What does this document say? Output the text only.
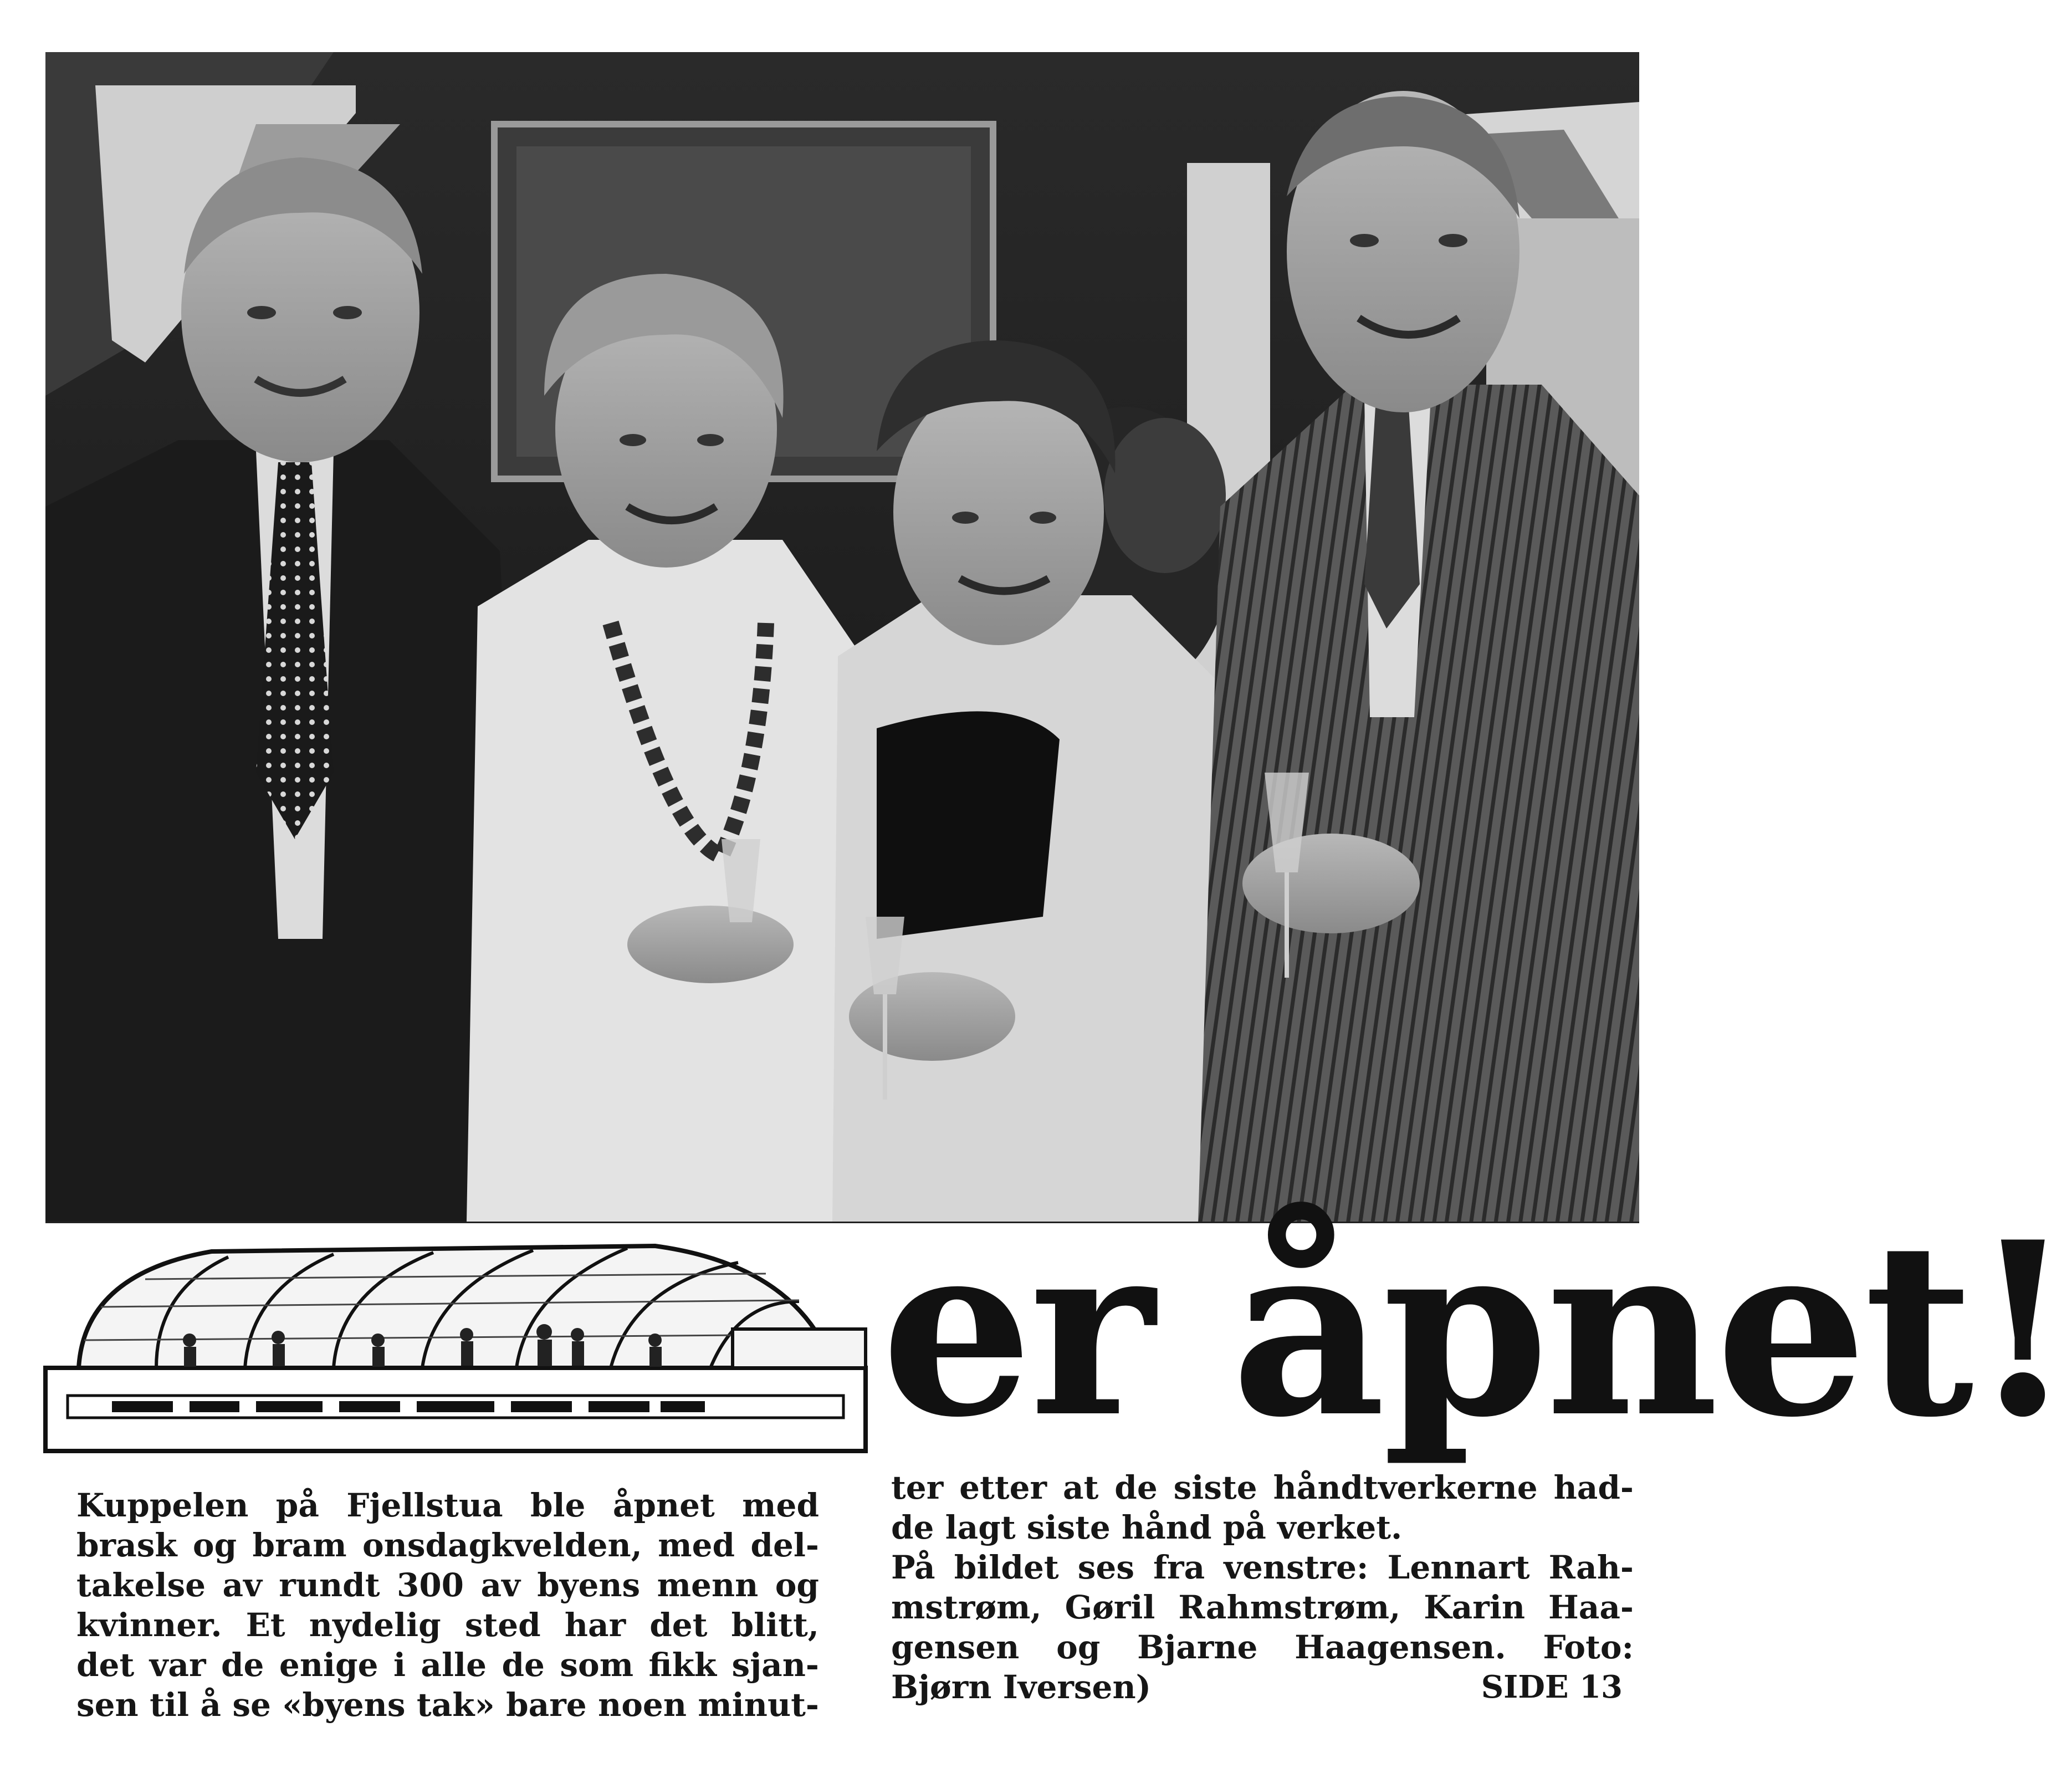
er åpnet!

Kuppelen på Fjellstua ble åpnet med
brask og bram onsdagkvelden, med del-
takelse av rundt 300 av byens menn og
kvinner. Et nydelig sted har det blitt,
det var de enige i alle de som fikk sjan-
sen til å se «byens tak» bare noen minut-

ter etter at de siste håndtverkerne had-
de lagt siste hånd på verket.
På bildet ses fra venstre: Lennart Rah-
mstrøm, Gøril Rahmstrøm, Karin Haa-
gensen og Bjarne Haagensen. Foto:
Bjørn Iversen)	SIDE 13
